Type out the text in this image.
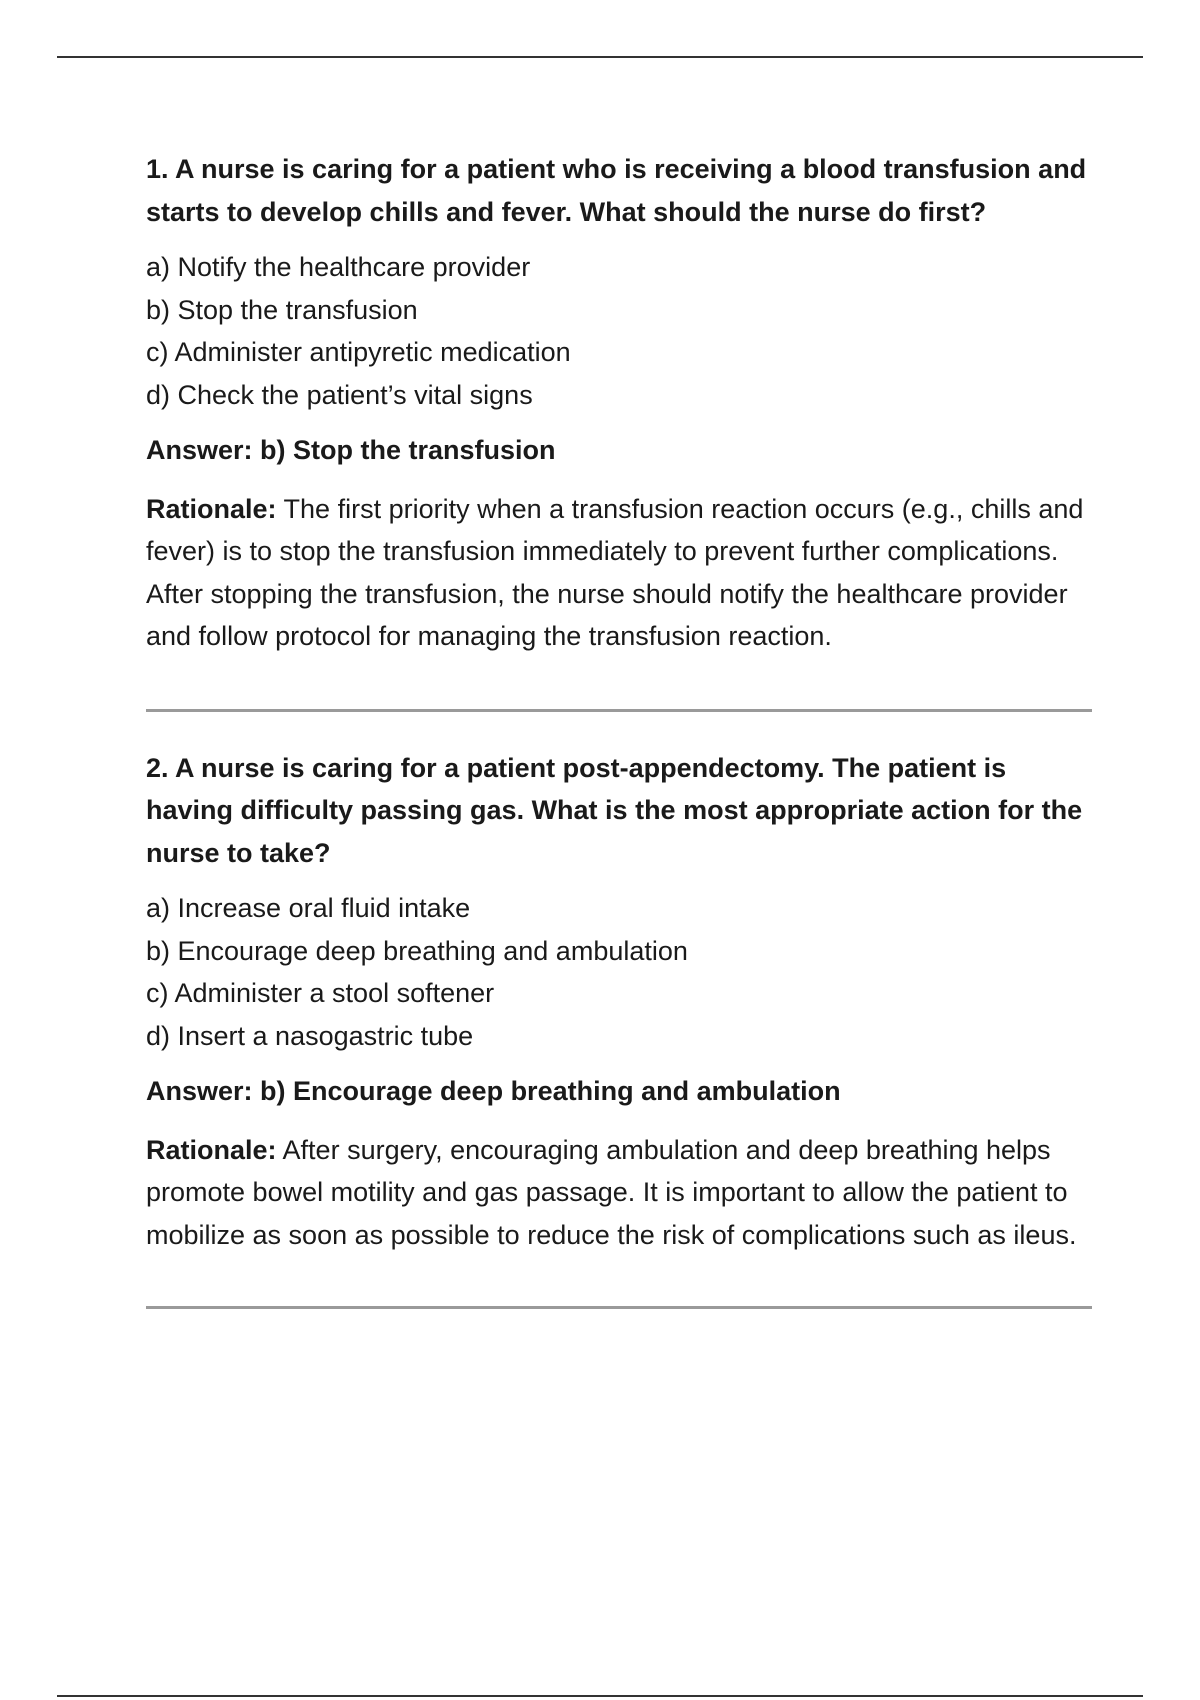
1. A nurse is caring for a patient who is receiving a blood transfusion and starts to develop chills and fever. What should the nurse do first?

a) Notify the healthcare provider
b) Stop the transfusion
c) Administer antipyretic medication
d) Check the patient’s vital signs

Answer: b) Stop the transfusion

Rationale: The first priority when a transfusion reaction occurs (e.g., chills and fever) is to stop the transfusion immediately to prevent further complications. After stopping the transfusion, the nurse should notify the healthcare provider and follow protocol for managing the transfusion reaction.

2. A nurse is caring for a patient post-appendectomy. The patient is having difficulty passing gas. What is the most appropriate action for the nurse to take?

a) Increase oral fluid intake
b) Encourage deep breathing and ambulation
c) Administer a stool softener
d) Insert a nasogastric tube

Answer: b) Encourage deep breathing and ambulation

Rationale: After surgery, encouraging ambulation and deep breathing helps promote bowel motility and gas passage. It is important to allow the patient to mobilize as soon as possible to reduce the risk of complications such as ileus.
